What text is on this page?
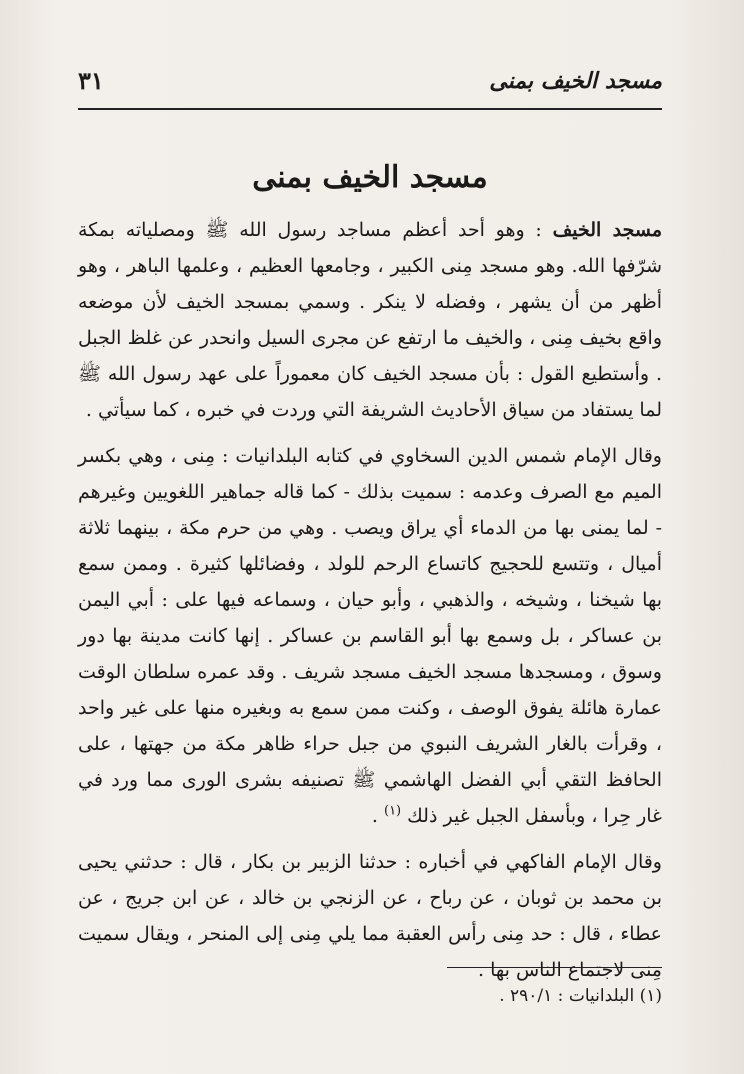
مسجد الخيف بمنى
٣١
مسجد الخيف بمنى

مسجد الخيف : وهو أحد أعظم مساجد رسول الله ﷺ ومصلياته بمكة شرّفها الله. وهو مسجد مِنى الكبير ، وجامعها العظيم ، وعلمها الباهر ، وهو أظهر من أن يشهر ، وفضله لا ينكر . وسمي بمسجد الخيف لأن موضعه واقع بخيف مِنى ، والخيف ما ارتفع عن مجرى السيل وانحدر عن غلظ الجبل . وأستطيع القول : بأن مسجد الخيف كان معموراً على عهد رسول الله ﷺ لما يستفاد من سياق الأحاديث الشريفة التي وردت في خبره ، كما سيأتي .

وقال الإمام شمس الدين السخاوي في كتابه البلدانيات : مِنى ، وهي بكسر الميم مع الصرف وعدمه : سميت بذلك - كما قاله جماهير اللغويين وغيرهم - لما يمنى بها من الدماء أي يراق ويصب . وهي من حرم مكة ، بينهما ثلاثة أميال ، وتتسع للحجيج كاتساع الرحم للولد ، وفضائلها كثيرة . وممن سمع بها شيخنا ، وشيخه ، والذهبي ، وأبو حيان ، وسماعه فيها على : أبي اليمن بن عساكر ، بل وسمع بها أبو القاسم بن عساكر . إنها كانت مدينة بها دور وسوق ، ومسجدها مسجد الخيف مسجد شريف . وقد عمره سلطان الوقت عمارة هائلة يفوق الوصف ، وكنت ممن سمع به وبغيره منها على غير واحد ، وقرأت بالغار الشريف النبوي من جبل حراء ظاهر مكة من جهتها ، على الحافظ التقي أبي الفضل الهاشمي ﷺ تصنيفه بشرى الورى مما ورد في غار حِرا ، وبأسفل الجبل غير ذلك $^{(١)}$ .

وقال الإمام الفاكهي في أخباره : حدثنا الزبير بن بكار ، قال : حدثني يحيى بن محمد بن ثوبان ، عن رباح ، عن الزنجي بن خالد ، عن ابن جريج ، عن عطاء ، قال : حد مِنى رأس العقبة مما يلي مِنى إلى المنحر ، ويقال سميت مِنى لاجتماع الناس بها .

(١) البلدانيات : ٢٩٠/١ .
